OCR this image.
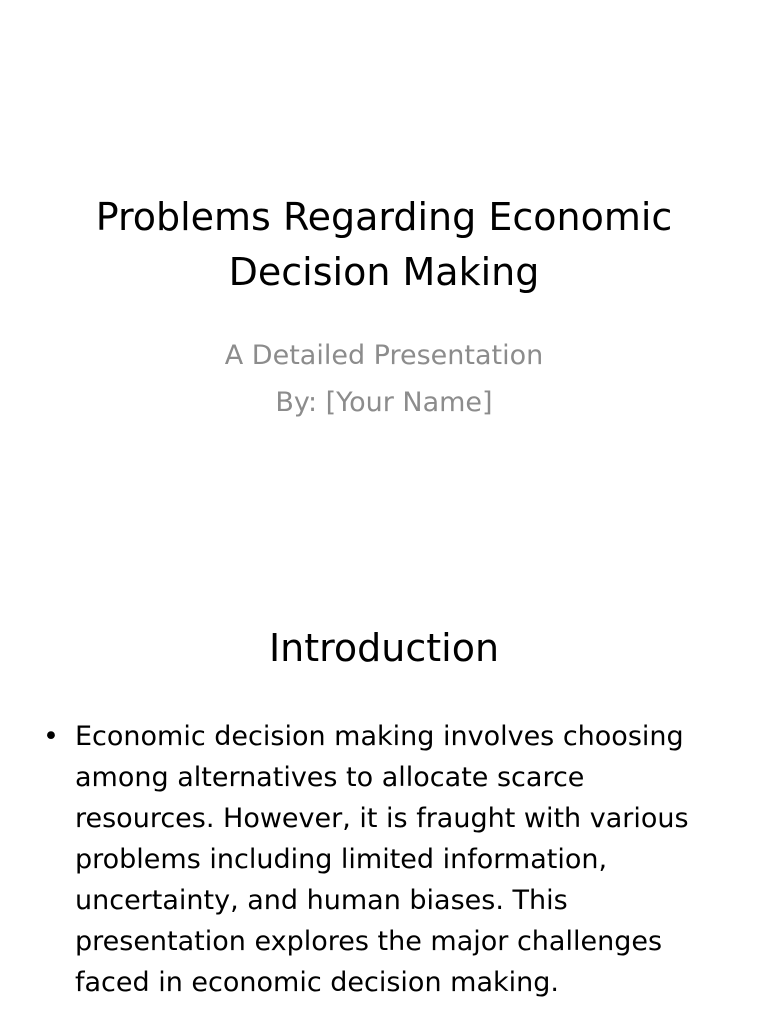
Problems Regarding Economic
Decision Making
A Detailed Presentation
By: [Your Name]
Introduction
• Economic decision making involves choosing among alternatives to allocate scarce resources. However, it is fraught with various problems including limited information, uncertainty, and human biases. This presentation explores the major challenges faced in economic decision making.
